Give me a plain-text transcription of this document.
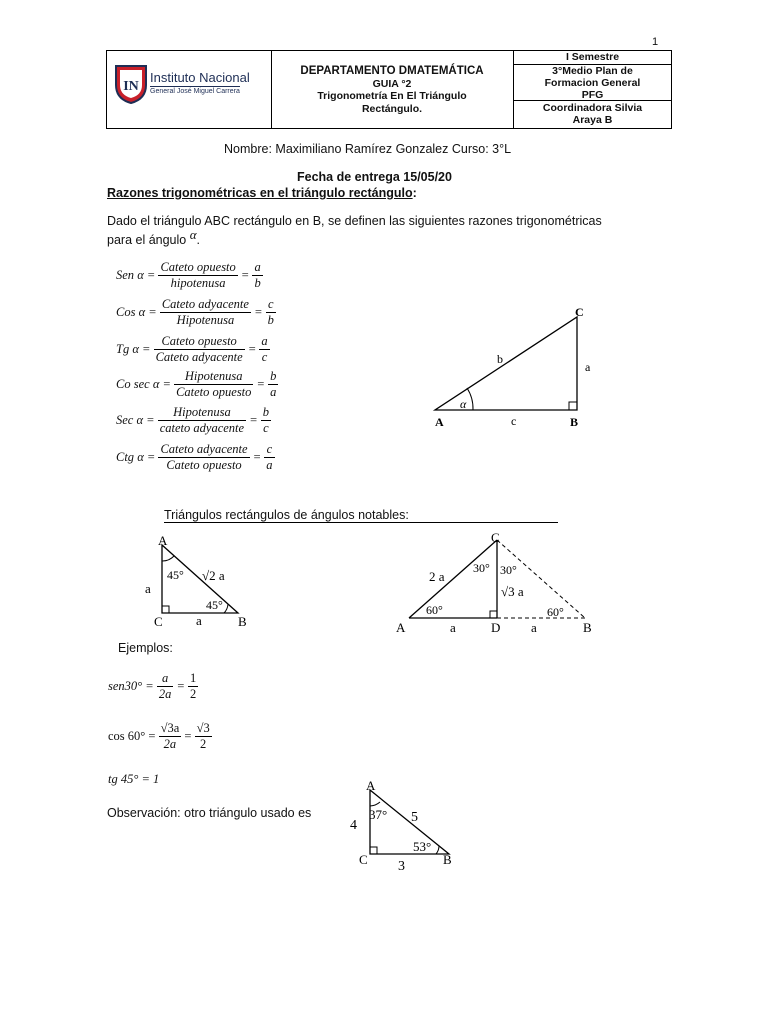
1
IN
Instituto Nacional
General José Miguel Carrera
DEPARTAMENTO DMATEMÁTICA
GUIA °2
Trigonometría En El Triángulo
Rectángulo.
I Semestre
3°Medio Plan de
Formacion General
PFG
Coordinadora Silvia
Araya B
Nombre: Maximiliano Ramírez Gonzalez Curso: 3°L
Fecha de entrega 15/05/20
Razones trigonométricas en el triángulo rectángulo:
Dado el triángulo ABC rectángulo en B, se definen las siguientes razones trigonométricas
para el ángulo α.
Sen $\alpha = \frac{\text{Cateto opuesto}}{\text{hipotenusa}} = \frac{a}{b}$
Cos $\alpha = \frac{\text{Cateto adyacente}}{\text{Hipotenusa}} = \frac{c}{b}$
Tg $\alpha = \frac{\text{Cateto opuesto}}{\text{Cateto adyacente}} = \frac{a}{c}$
Co $\sec \alpha = \frac{\text{Hipotenusa}}{\text{Cateto opuesto}} = \frac{b}{a}$
Sec $\alpha = \frac{\text{Hipotenusa}}{\text{cateto adyacente}} = \frac{b}{c}$
Ctg $\alpha = \frac{\text{Cateto adyacente}}{\text{Cateto opuesto}} = \frac{c}{a}$
α
A	B
C
a
b
c
Triángulos rectángulos de ángulos notables:
A
C	B
a
a
√2 a
45°
45°
C
A	D	B
2 a
√3 a
a	a
30° 30°
60°	60°
Ejemplos:
$sen30^\circ = \frac{a}{2a} = \frac{1}{2}$
$\cos 60^\circ = \frac{√3a}{2a} = \frac{√3}{2}$
tg 45° = 1
Observación: otro triángulo usado es
A
C	B
4
3
5
37°
53°
